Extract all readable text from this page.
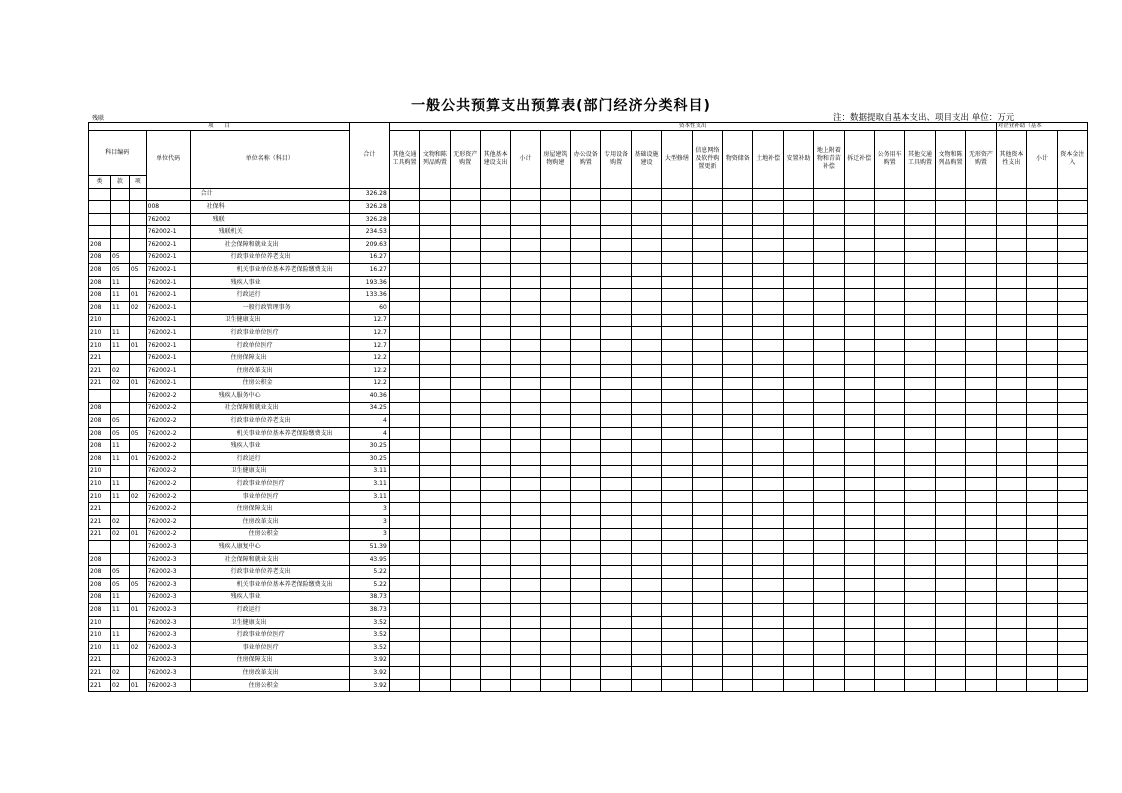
一般公共预算支出预算表(部门经济分类科目)
残联	注：数据提取自基本支出、项目支出 单位：万元
项　　目					合计	资本性支出																				对企业补助（基本		
科目编码			单位代码	单位名称（科目）		其他交通工具购置	文物和陈列品购置	无形资产购置	其他基本建设支出	小计	房屋建筑物购建	办公设备购置	专用设备购置	基础设施建设	大型修缮	信息网络及软件购置更新	物资储备	土地补偿	安置补助	地上附着物和青苗补偿	拆迁补偿	公务用车购置	其他交通工具购置	文物和陈列品购置	无形资产购置	其他资本性支出	小计	资本金注入
类	款	项																										
				合计	326.28																							
			008	社保科	326.28																							
			762002	残联	326.28																							
			762002-1	残联机关	234.53																							
208			762002-1	社会保障和就业支出	209.63																							
208	05		762002-1	行政事业单位养老支出	16.27																							
208	05	05	762002-1	机关事业单位基本养老保险缴费支出	16.27																							
208	11		762002-1	残疾人事业	193.36																							
208	11	01	762002-1	行政运行	133.36																							
208	11	02	762002-1	一般行政管理事务	60																							
210			762002-1	卫生健康支出	12.7																							
210	11		762002-1	行政事业单位医疗	12.7																							
210	11	01	762002-1	行政单位医疗	12.7																							
221			762002-1	住房保障支出	12.2																							
221	02		762002-1	住房改革支出	12.2																							
221	02	01	762002-1	住房公积金	12.2																							
			762002-2	残疾人服务中心	40.36																							
208			762002-2	社会保障和就业支出	34.25																							
208	05		762002-2	行政事业单位养老支出	4																							
208	05	05	762002-2	机关事业单位基本养老保险缴费支出	4																							
208	11		762002-2	残疾人事业	30.25																							
208	11	01	762002-2	行政运行	30.25																							
210			762002-2	卫生健康支出	3.11																							
210	11		762002-2	行政事业单位医疗	3.11																							
210	11	02	762002-2	事业单位医疗	3.11																							
221			762002-2	住房保障支出	3																							
221	02		762002-2	住房改革支出	3																							
221	02	01	762002-2	住房公积金	3																							
			762002-3	残疾人康复中心	51.39																							
208			762002-3	社会保障和就业支出	43.95																							
208	05		762002-3	行政事业单位养老支出	5.22																							
208	05	05	762002-3	机关事业单位基本养老保险缴费支出	5.22																							
208	11		762002-3	残疾人事业	38.73																							
208	11	01	762002-3	行政运行	38.73																							
210			762002-3	卫生健康支出	3.52																							
210	11		762002-3	行政事业单位医疗	3.52																							
210	11	02	762002-3	事业单位医疗	3.52																							
221			762002-3	住房保障支出	3.92																							
221	02		762002-3	住房改革支出	3.92																							
221	02	01	762002-3	住房公积金	3.92																							
